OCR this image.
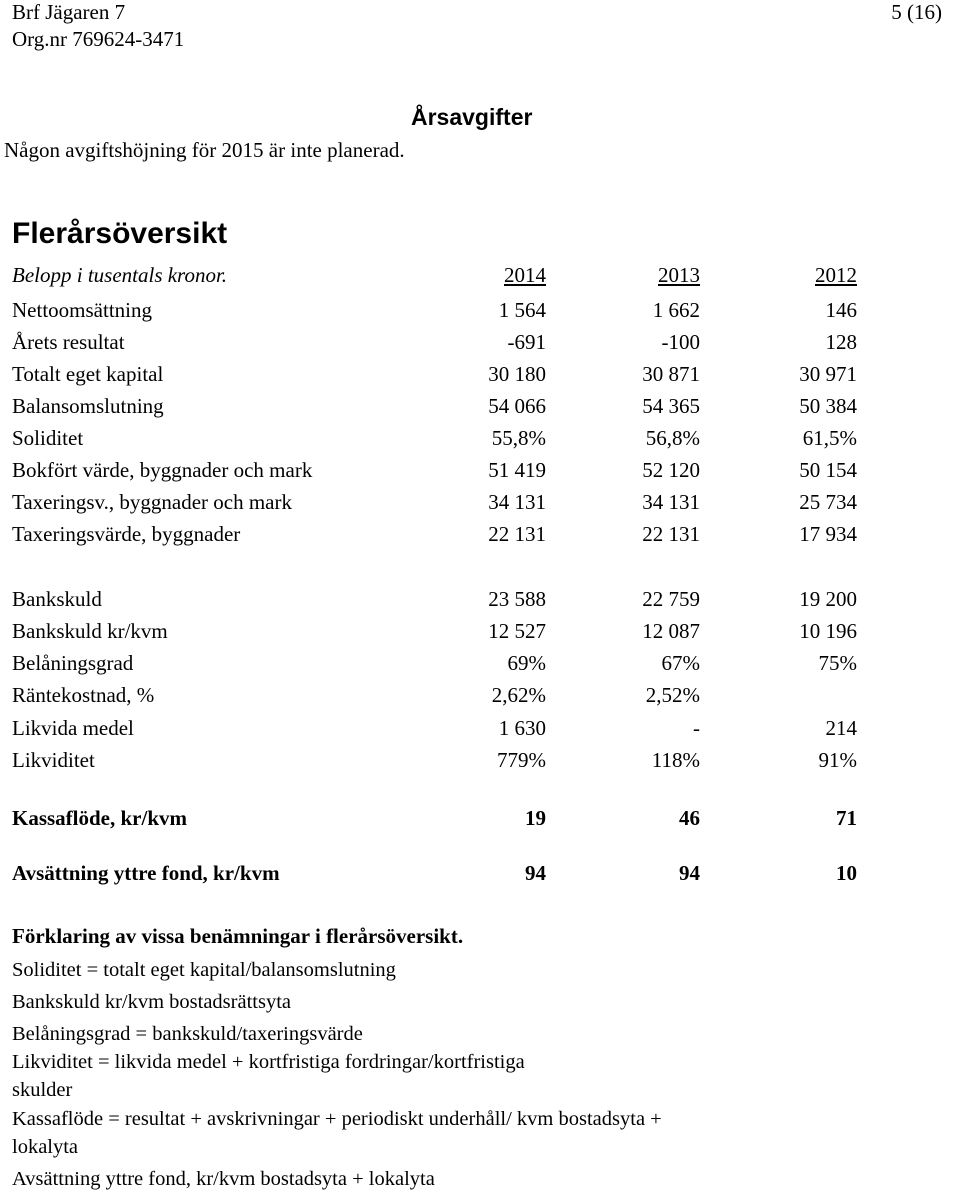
Brf Jägaren 7
Org.nr 769624-3471
5 (16)
Årsavgifter
Någon avgiftshöjning för 2015 är inte planerad.
Flerårsöversikt
Belopp i tusentals kronor.	2014	2013	2012
Nettoomsättning	1 564	1 662	146
Årets resultat	-691	-100	128
Totalt eget kapital	30 180	30 871	30 971
Balansomslutning	54 066	54 365	50 384
Soliditet	55,8%	56,8%	61,5%
Bokfört värde, byggnader och mark	51 419	52 120	50 154
Taxeringsv., byggnader och mark	34 131	34 131	25 734
Taxeringsvärde, byggnader	22 131	22 131	17 934
Bankskuld	23 588	22 759	19 200
Bankskuld kr/kvm	12 527	12 087	10 196
Belåningsgrad	69%	67%	75%
Räntekostnad, %	2,62%	2,52%
Likvida medel	1 630	-	214
Likviditet	779%	118%	91%
Kassaflöde, kr/kvm	19	46	71
Avsättning yttre fond, kr/kvm	94	94	10
Förklaring av vissa benämningar i flerårsöversikt.
Soliditet = totalt eget kapital/balansomslutning
Bankskuld kr/kvm bostadsrättsyta
Belåningsgrad = bankskuld/taxeringsvärde
Likviditet = likvida medel + kortfristiga fordringar/kortfristiga
skulder
Kassaflöde = resultat + avskrivningar + periodiskt underhåll/ kvm bostadsyta +
lokalyta
Avsättning yttre fond, kr/kvm bostadsyta + lokalyta
